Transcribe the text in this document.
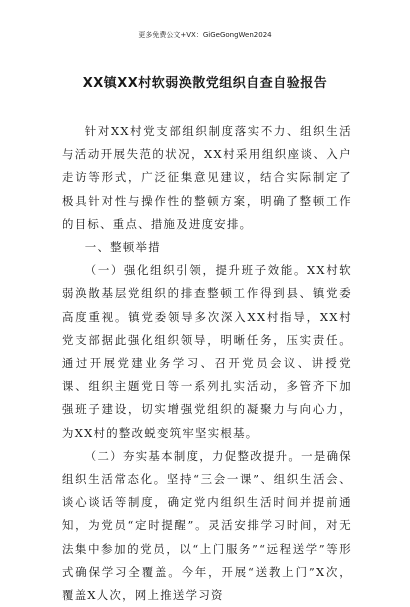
更多免费公文+VX：GiGeGongWen2024
XX镇XX村软弱涣散党组织自查自验报告

针对XX村党支部组织制度落实不力、组织生活与活动开展失范的状况，XX村采用组织座谈、入户走访等形式，广泛征集意见建议，结合实际制定了极具针对性与操作性的整顿方案，明确了整顿工作的目标、重点、措施及进度安排。

一、整顿举措

（一）强化组织引领，提升班子效能。XX村软弱涣散基层党组织的排查整顿工作得到县、镇党委高度重视。镇党委领导多次深入XX村指导，XX村党支部据此强化组织领导，明晰任务，压实责任。通过开展党建业务学习、召开党员会议、讲授党课、组织主题党日等一系列扎实活动，多管齐下加强班子建设，切实增强党组织的凝聚力与向心力，为XX村的整改蜕变筑牢坚实根基。

（二）夯实基本制度，力促整改提升。一是确保组织生活常态化。坚持“三会一课”、组织生活会、谈心谈话等制度，确定党内组织生活时间并提前通知，为党员“定时提醒”。灵活安排学习时间，对无法集中参加的党员，以“上门服务”“远程送学”等形式确保学习全覆盖。今年，开展“送教上门”X次，覆盖X人次，网上推送学习资
